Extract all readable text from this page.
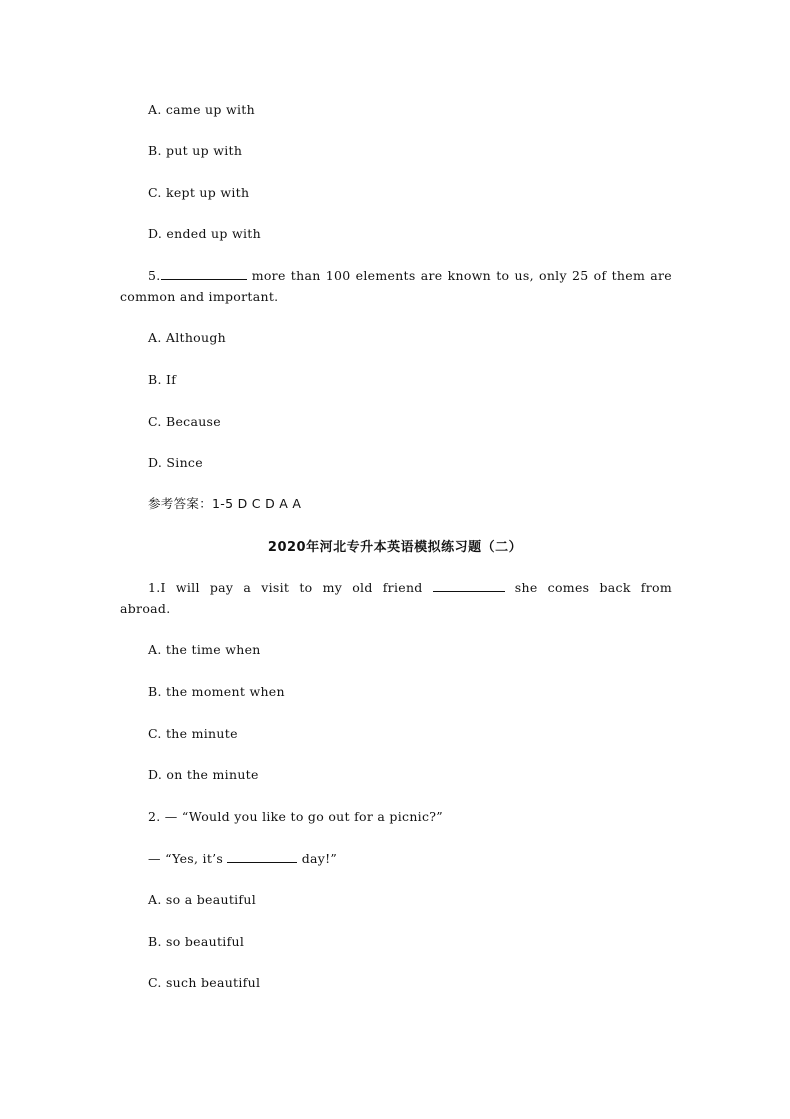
A. came up with
B. put up with
C. kept up with
D. ended up with
5.	more than 100 elements are known to us, only 25 of them are
common and important.
A. Although
B. If
C. Because
D. Since
参考答案：1-5 D C D A A
2020年河北专升本英语模拟练习题（二）
1.I will pay a visit to my old friend	she comes back from
abroad.
A. the time when
B. the moment when
C. the minute
D. on the minute
2. — “Would you like to go out for a picnic?”
— “Yes, it’s	day!”
A. so a beautiful
B. so beautiful
C. such beautiful
